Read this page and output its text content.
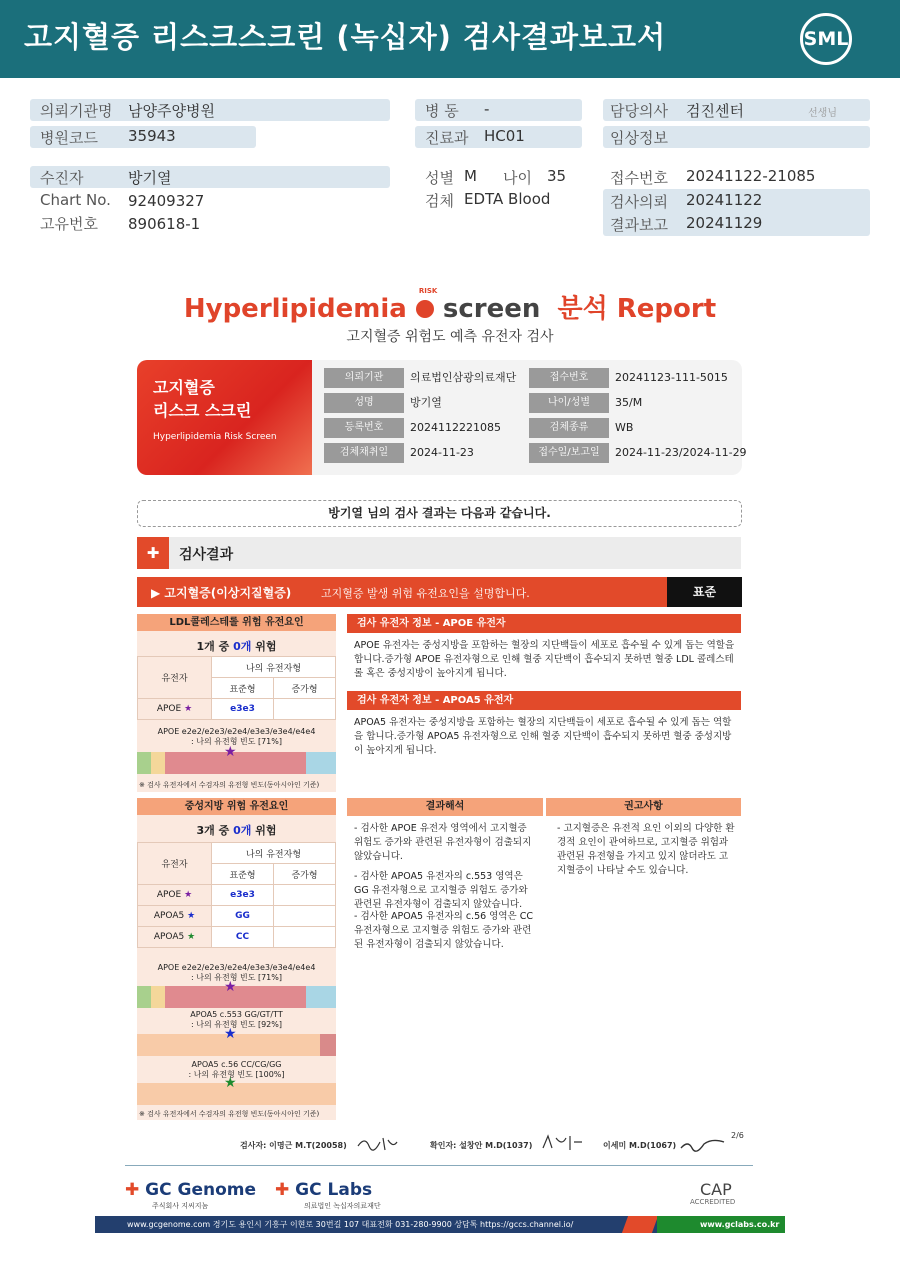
고지혈증 리스크스크린 (녹십자) 검사결과보고서	SML
의뢰기관명 남양주양병원
병원코드 35943
병 동 -
진료과 HC01
담당의사 검진센터	선생님
임상정보
수진자	방기열
Chart No. 92409327
고유번호 890618-1
성별 M 나이 35
검체 EDTA Blood
접수번호 20241122-21085
검사의뢰 20241122
결과보고 20241129
Hyperlipidemia
RISK
screen 분석 Report
고지혈증 위험도 예측 유전자 검사
고지혈증
리스크 스크린
Hyperlipidemia Risk Screen
의뢰기관	의료법인삼광의료재단	접수번호	20241123-111-5015
성명	방기열	나이/성별	35/M
등록번호	2024112221085	검체종류	WB
검체채취일	2024-11-23	접수일/보고일	2024-11-23/2024-11-29
방기열 님의 검사 결과는 다음과 같습니다.
✚	검사결과
▶ 고지혈증(이상지질혈증)	고지혈증 발생 위험 유전요인을 설명합니다.	표준
LDL콜레스테롤 위험 유전요인
1개 중 0개 위험
유전자	나의 유전자형	
	표준형	증가형
APOE ★	e3e3	
APOE e2e2/e2e3/e2e4/e3e3/e3e4/e4e4
: 나의 유전형 빈도 [71%]
★
※ 검사 유전자에서 수검자의 유전형 빈도(동아시아인 기준)
중성지방 위험 유전요인
3개 중 0개 위험
유전자	나의 유전자형	
	표준형	증가형
APOE ★	e3e3	
APOA5 ★	GG	
APOA5 ★	CC	
APOE e2e2/e2e3/e2e4/e3e3/e3e4/e4e4
: 나의 유전형 빈도 [71%]
★
APOA5 c.553 GG/GT/TT
: 나의 유전형 빈도 [92%]
★
APOA5 c.56 CC/CG/GG
: 나의 유전형 빈도 [100%]
★
※ 검사 유전자에서 수검자의 유전형 빈도(동아시아인 기준)
검사 유전자 정보 - APOE 유전자
APOE 유전자는 중성지방을 포함하는 혈장의 지단백들이 세포로 흡수될 수 있게 돕는 역할을 합니다.증가형 APOE 유전자형으로 인해 혈중 지단백이 흡수되지 못하면 혈중 LDL 콜레스테롤 혹은 중성지방이 높아지게 됩니다.
검사 유전자 정보 - APOA5 유전자
APOA5 유전자는 중성지방을 포함하는 혈장의 지단백들이 세포로 흡수될 수 있게 돕는 역할을 합니다.증가형 APOA5 유전자형으로 인해 혈중 지단백이 흡수되지 못하면 혈중 중성지방이 높아지게 됩니다.
결과해석
- 검사한 APOE 유전자 영역에서 고지혈증 위험도 증가와 관련된 유전자형이 검출되지 않았습니다.
- 검사한 APOA5 유전자의 c.553 영역은 GG 유전자형으로 고지혈증 위험도 증가와 관련된 유전자형이 검출되지 않았습니다.
- 검사한 APOA5 유전자의 c.56 영역은 CC 유전자형으로 고지혈증 위험도 증가와 관련된 유전자형이 검출되지 않았습니다.
권고사항
- 고지혈증은 유전적 요인 이외의 다양한 환경적 요인이 관여하므로, 고지혈증 위험과 관련된 유전형을 가지고 있지 않더라도 고지혈증이 나타날 수도 있습니다.
검사자: 이명근 M.T(20058)	확인자: 설창안 M.D(1037)	이세미 M.D(1067)
2/6
✚ GC Genome
주식회사 지씨지놈
✚ GC Labs
의료법인 녹십자의료재단
CAP
ACCREDITED
www.gcgenome.com 경기도 용인시 기흥구 이현로 30번길 107 대표전화 031-280-9900 상담톡 https://gccs.channel.io/	www.gclabs.co.kr
